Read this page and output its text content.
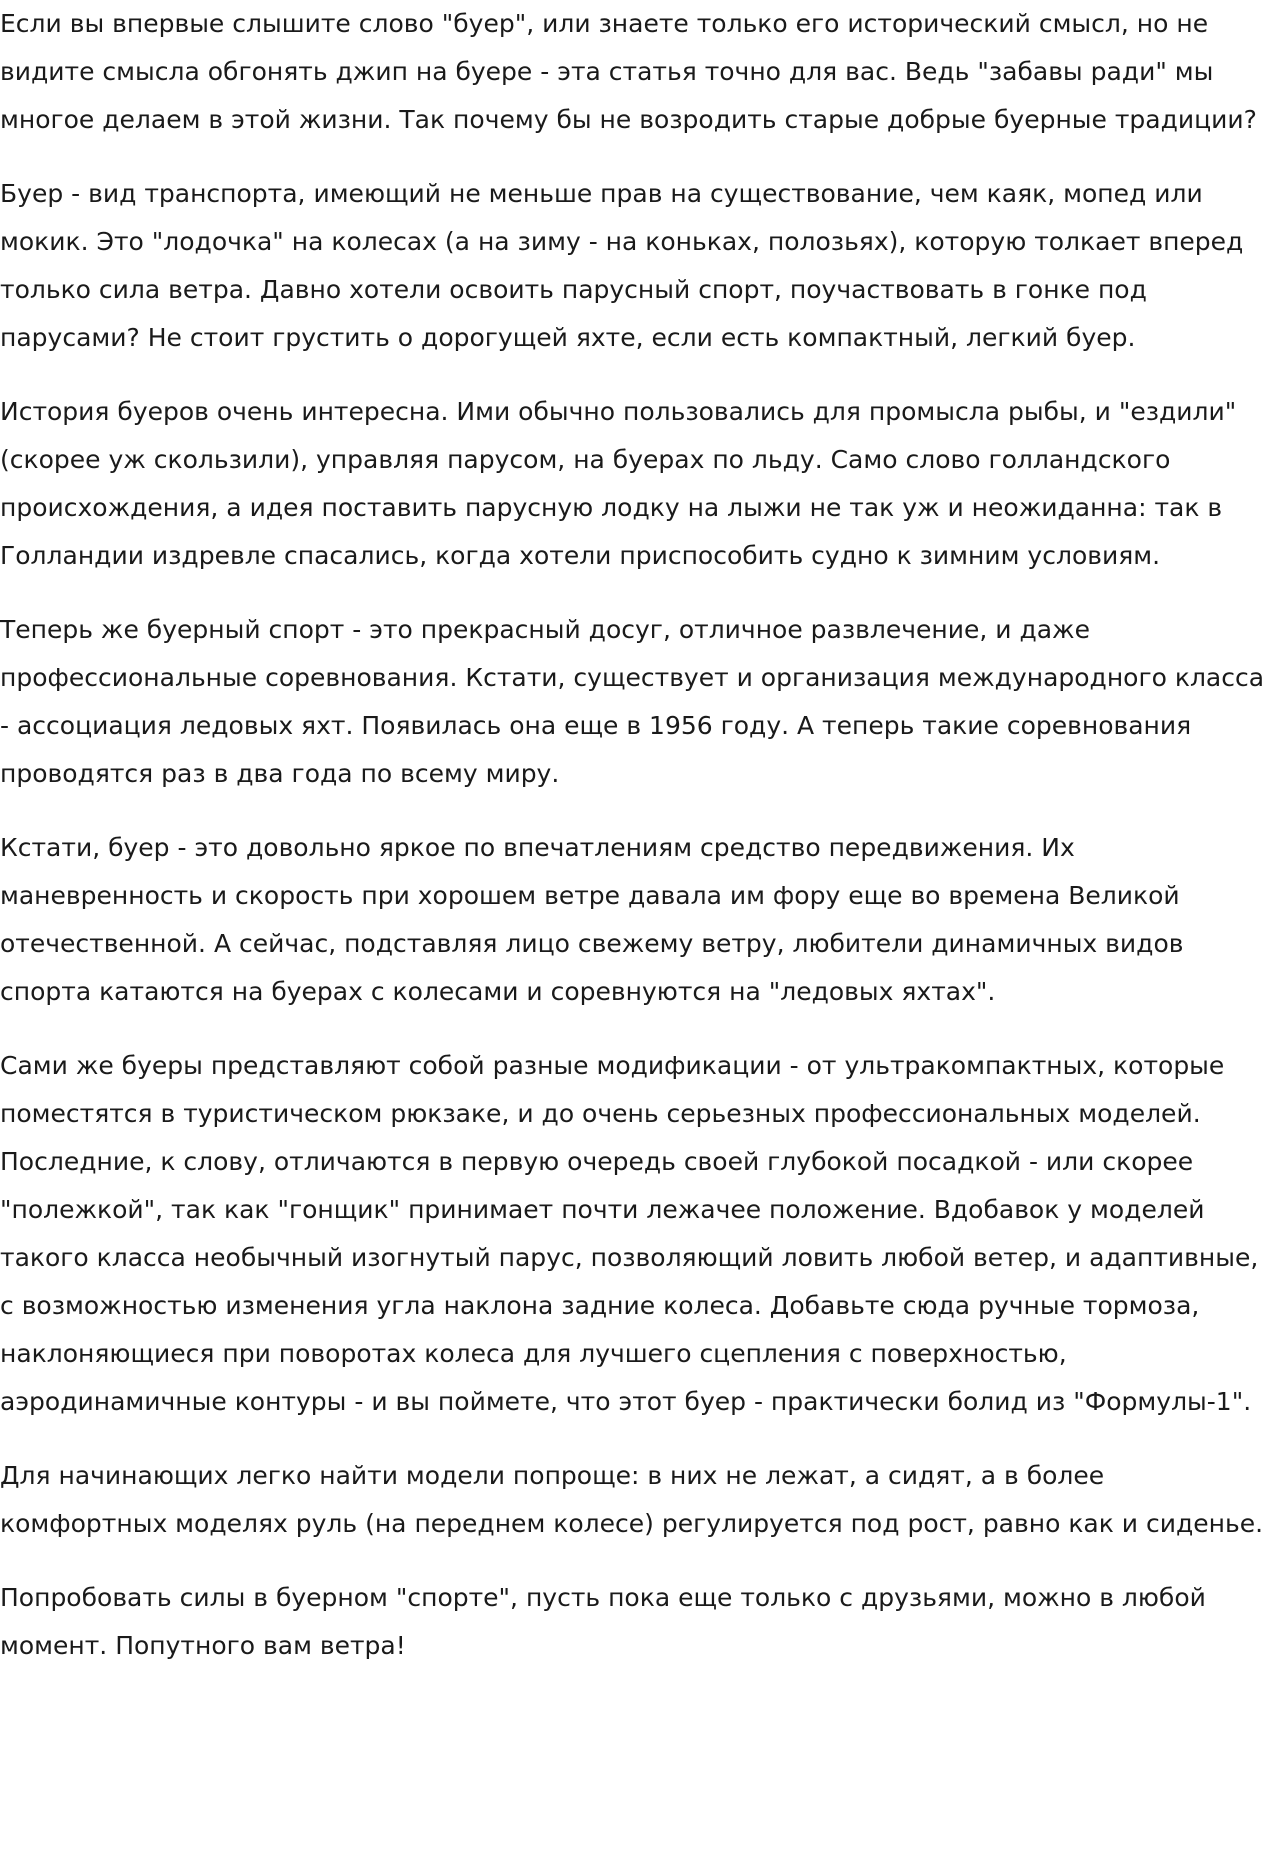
Если вы впервые слышите слово "буер", или знаете только его исторический смысл, но не видите смысла обгонять джип на буере - эта статья точно для вас. Ведь "забавы ради" мы многое делаем в этой жизни. Так почему бы не возродить старые добрые буерные традиции?

Буер - вид транспорта, имеющий не меньше прав на существование, чем каяк, мопед или мокик. Это "лодочка" на колесах (а на зиму - на коньках, полозьях), которую толкает вперед только сила ветра. Давно хотели освоить парусный спорт, поучаствовать в гонке под парусами? Не стоит грустить о дорогущей яхте, если есть компактный, легкий буер.

История буеров очень интересна. Ими обычно пользовались для промысла рыбы, и "ездили" (скорее уж скользили), управляя парусом, на буерах по льду. Само слово голландского происхождения, а идея поставить парусную лодку на лыжи не так уж и неожиданна: так в Голландии издревле спасались, когда хотели приспособить судно к зимним условиям.

Теперь же буерный спорт - это прекрасный досуг, отличное развлечение, и даже профессиональные соревнования. Кстати, существует и организация международного класса - ассоциация ледовых яхт. Появилась она еще в 1956 году. А теперь такие соревнования проводятся раз в два года по всему миру.

Кстати, буер - это довольно яркое по впечатлениям средство передвижения. Их маневренность и скорость при хорошем ветре давала им фору еще во времена Великой отечественной. А сейчас, подставляя лицо свежему ветру, любители динамичных видов спорта катаются на буерах с колесами и соревнуются на "ледовых яхтах".

Сами же буеры представляют собой разные модификации - от ультракомпактных, которые поместятся в туристическом рюкзаке, и до очень серьезных профессиональных моделей. Последние, к слову, отличаются в первую очередь своей глубокой посадкой - или скорее "полежкой", так как "гонщик" принимает почти лежачее положение. Вдобавок у моделей такого класса необычный изогнутый парус, позволяющий ловить любой ветер, и адаптивные, с возможностью изменения угла наклона задние колеса. Добавьте сюда ручные тормоза, наклоняющиеся при поворотах колеса для лучшего сцепления с поверхностью, аэродинамичные контуры - и вы поймете, что этот буер - практически болид из "Формулы-1".

Для начинающих легко найти модели попроще: в них не лежат, а сидят, а в более комфортных моделях руль (на переднем колесе) регулируется под рост, равно как и сиденье.

Попробовать силы в буерном "спорте", пусть пока еще только с друзьями, можно в любой момент. Попутного вам ветра!
